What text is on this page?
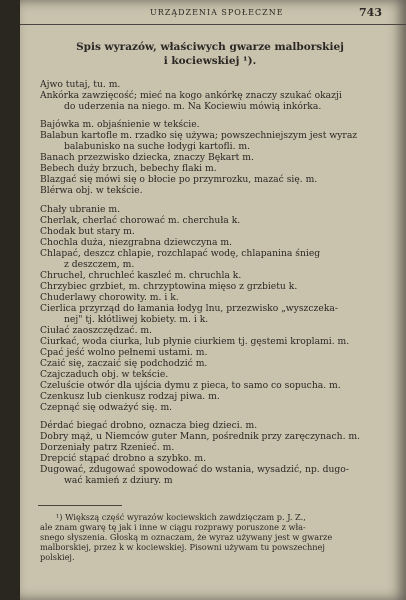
URZĄDZENIA SPOŁECZNE	743
Spis wyrazów, właściwych gwarze malborskiej
i kociewskiej ¹).
Ajwo tutaj, tu. m.
Ankórka zawzięcość; mieć na kogo ankórkę znaczy szukać okazji
do uderzenia na niego. m. Na Kociewiu mówią inkórka.
Bajówka m. objaśnienie w tekście.
Balabun kartofle m. rzadko się używa; powszechniejszym jest wyraz
balabunisko na suche łodygi kartofli. m.
Banach przezwisko dziecka, znaczy Bękart m.
Bebech duży brzuch, bebechy flaki m.
Blazgać się mówi się o błocie po przymrozku, mazać się. m.
Blérwa obj. w tekście.
Chały ubranie m.
Cherlak, cherlać chorować m. cherchuła k.
Chodak but stary m.
Chochla duża, niezgrabna dziewczyna m.
Chlapać, deszcz chlapie, rozchlapać wodę, chlapanina śnieg
z deszczem, m.
Chruchel, chruchleć kaszleć m. chruchla k.
Chrzybiec grzbiet, m. chrzyptowina mięso z grzbietu k.
Chuderlawy chorowity. m. i k.
Cierlica przyrząd do łamania łodyg lnu, przezwisko „wyszczeka-
nej" tj. kłótliwej kobiety. m. i k.
Ciułać zaoszczędzać. m.
Ciurkać, woda ciurka, lub płynie ciurkiem tj. gęstemi kroplami. m.
Cpać jeść wolno pełnemi ustami. m.
Czaić się, zaczaić się podchodzić m.
Czajczaduch obj. w tekście.
Czeluście otwór dla ujścia dymu z pieca, to samo co sopucha. m.
Czenkusz lub cienkusz rodzaj piwa. m.
Czepnąć się odważyć się. m.
Dérdać biegać drobno, oznacza bieg dzieci. m.
Dobry mąż, u Niemców guter Mann, pośrednik przy zaręczynach. m.
Dorzeniały patrz Rzenieć. m.
Drepcić stąpać drobno a szybko. m.
Dugować, zdugować spowodować do wstania, wysadzić, np. dugo-
wać kamień z dziury. m
¹) Większą część wyrazów kociewskich zawdzięczam p. J. Z.,
ale znam gwarę tę jak i inne w ciągu rozprawy poruszone z wła-
snego słyszenia. Głoską m oznaczam, że wyraz używany jest w gwarze
malborskiej, przez k w kociewskiej. Pisowni używam tu powszechnej
polskiej.
